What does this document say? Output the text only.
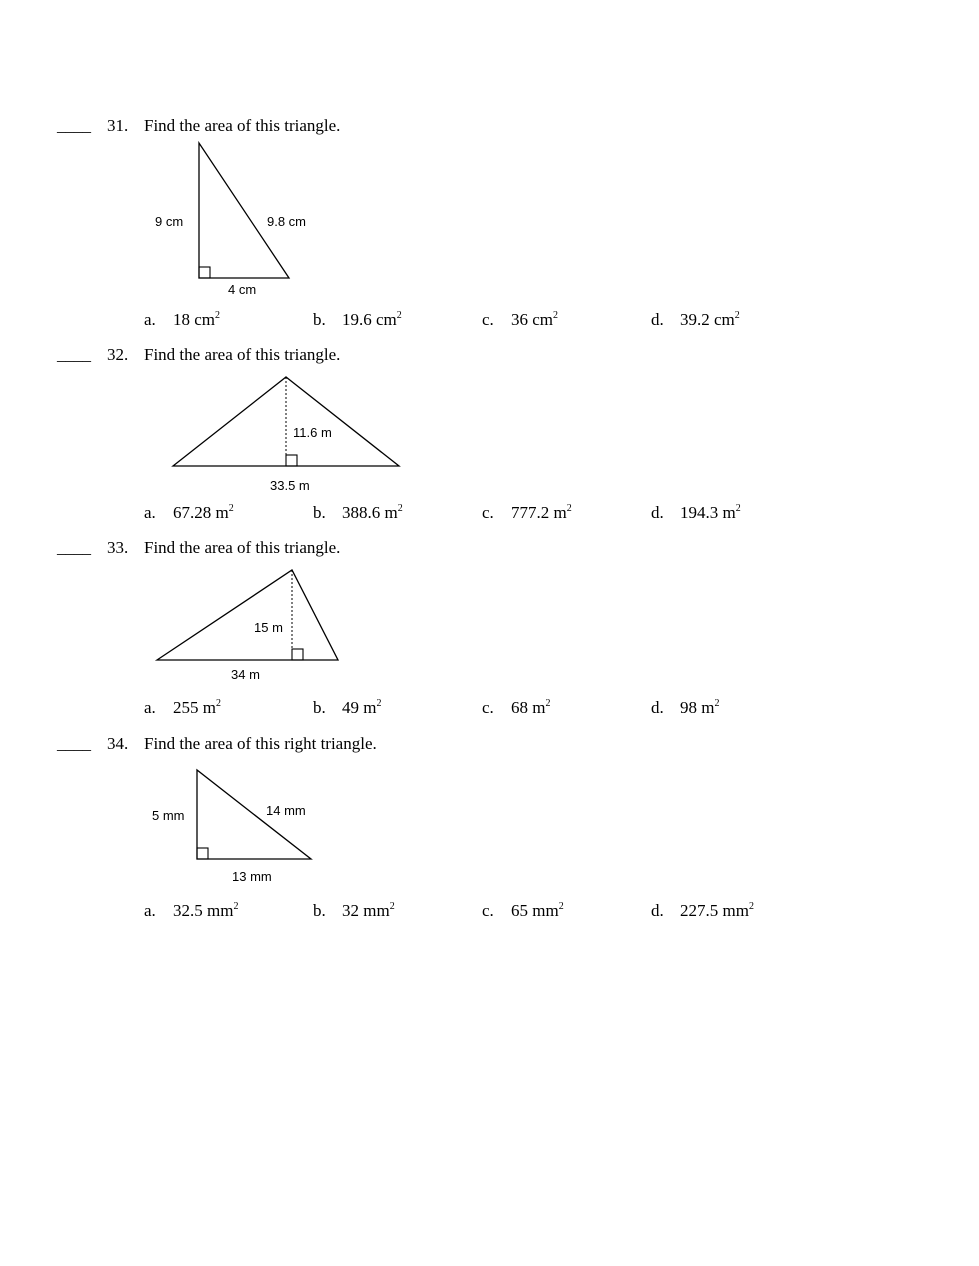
____ 31. Find the area of this triangle.
9 cm	9.8 cm
4 cm
a. 18 $cm^2$	b. 19.6 $cm^2$	c. 36 $cm^2$	d. 39.2 $cm^2$
____ 32. Find the area of this triangle.
11.6 m
33.5 m
a. 67.28 $m^2$	b. 388.6 $m^2$	c. 777.2 $m^2$	d. 194.3 $m^2$
____ 33. Find the area of this triangle.
15 m
34 m
a. 255 $m^2$	b. 49 $m^2$	c. 68 $m^2$	d. 98 $m^2$
____ 34. Find the area of this right triangle.
5 mm	14 mm
13 mm
a. 32.5 $mm^2$	b. 32 $mm^2$	c. 65 $mm^2$	d. 227.5 $mm^2$
